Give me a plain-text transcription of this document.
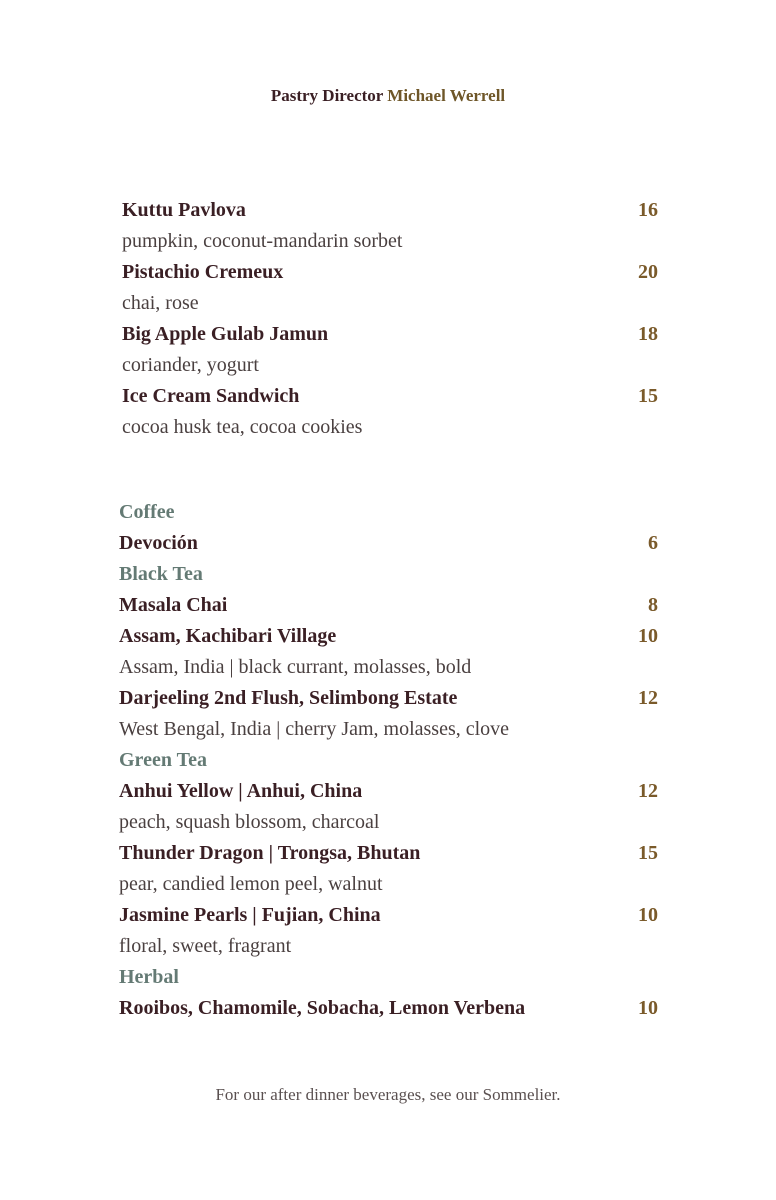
Pastry Director Michael Werrell
Kuttu Pavlova	16
pumpkin, coconut-mandarin sorbet
Pistachio Cremeux	20
chai, rose
Big Apple Gulab Jamun	18
coriander, yogurt
Ice Cream Sandwich	15
cocoa husk tea, cocoa cookies
Coffee
Devoción	6
Black Tea
Masala Chai	8
Assam, Kachibari Village	10
Assam, India | black currant, molasses, bold
Darjeeling 2nd Flush, Selimbong Estate	12
West Bengal, India | cherry Jam, molasses, clove
Green Tea
Anhui Yellow | Anhui, China	12
peach, squash blossom, charcoal
Thunder Dragon | Trongsa, Bhutan	15
pear, candied lemon peel, walnut
Jasmine Pearls | Fujian, China	10
floral, sweet, fragrant
Herbal
Rooibos, Chamomile, Sobacha, Lemon Verbena	10
For our after dinner beverages, see our Sommelier.
